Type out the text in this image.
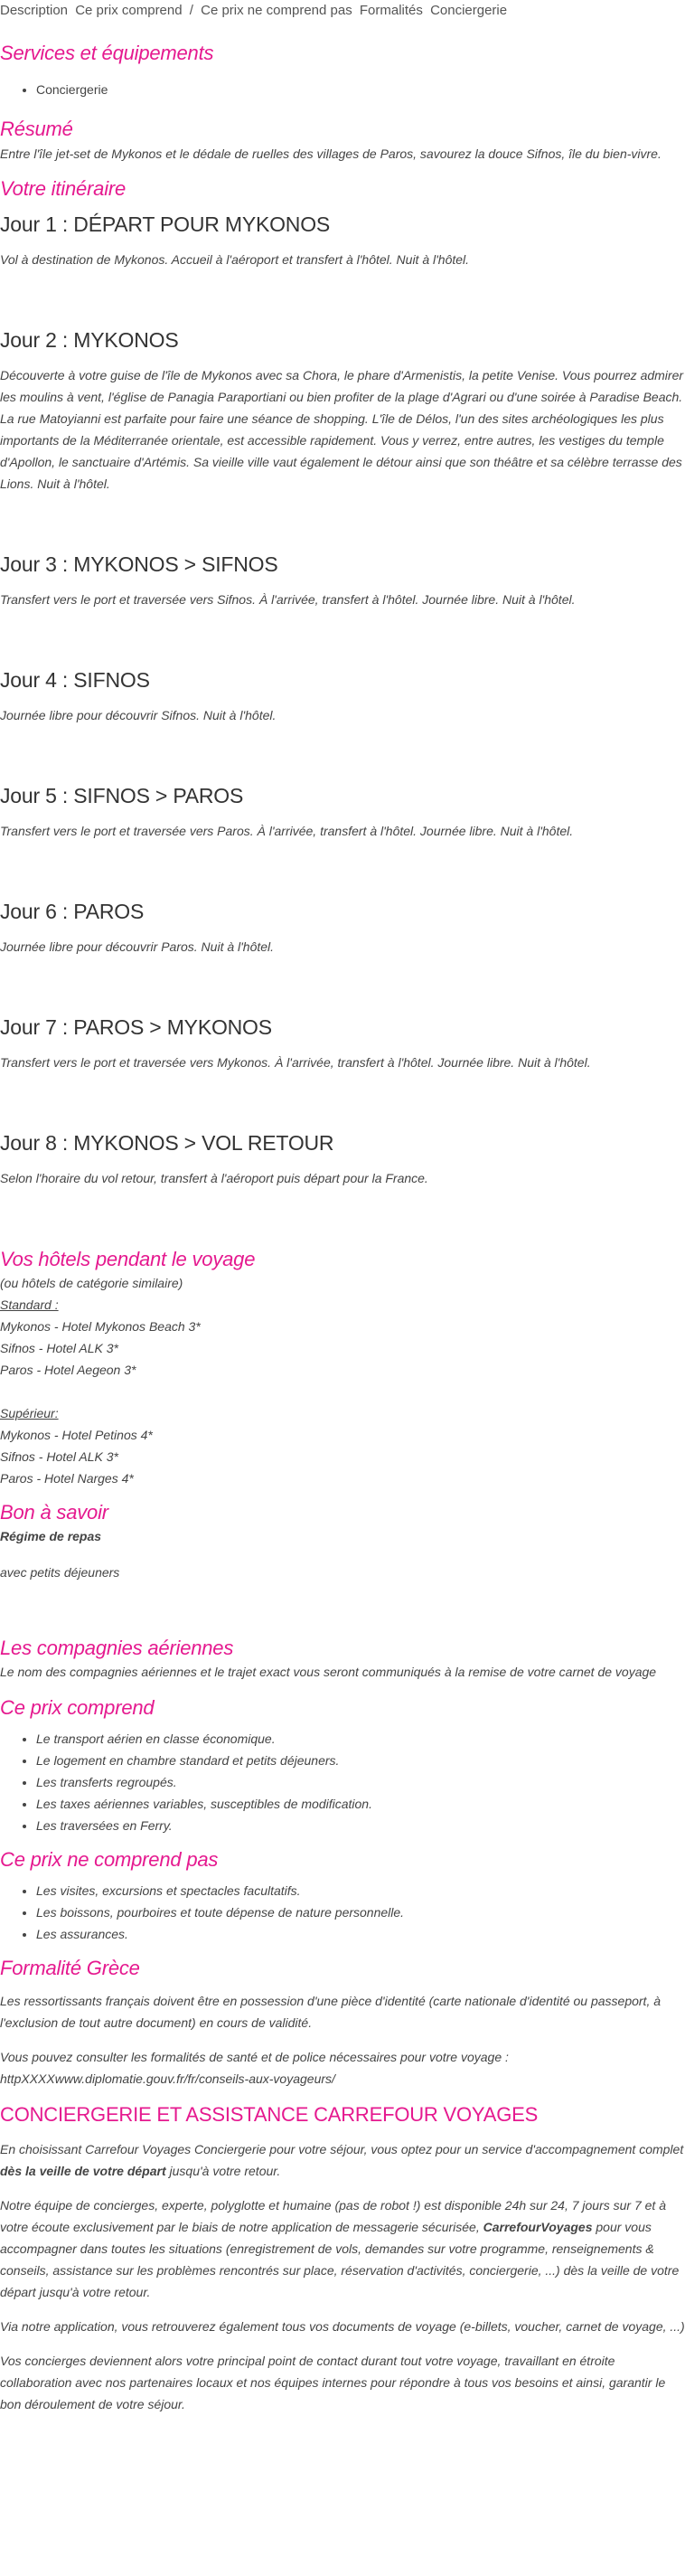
Description Ce prix comprend / Ce prix ne comprend pas Formalités Conciergerie
Services et équipements
• Conciergerie
Résumé

Entre l'île jet-set de Mykonos et le dédale de ruelles des villages de Paros, savourez la douce Sifnos, île du bien-vivre.

Votre itinéraire
Jour 1 : DÉPART POUR MYKONOS

Vol à destination de Mykonos. Accueil à l'aéroport et transfert à l'hôtel. Nuit à l'hôtel.

Jour 2 : MYKONOS

Découverte à votre guise de l'île de Mykonos avec sa Chora, le phare d'Armenistis, la petite Venise. Vous pourrez admirer les moulins à vent, l'église de Panagia Paraportiani ou bien profiter de la plage d'Agrari ou d'une soirée à Paradise Beach. La rue Matoyianni est parfaite pour faire une séance de shopping. L'île de Délos, l'un des sites archéologiques les plus importants de la Méditerranée orientale, est accessible rapidement. Vous y verrez, entre autres, les vestiges du temple d'Apollon, le sanctuaire d'Artémis. Sa vieille ville vaut également le détour ainsi que son théâtre et sa célèbre terrasse des Lions. Nuit à l'hôtel.

Jour 3 : MYKONOS > SIFNOS

Transfert vers le port et traversée vers Sifnos. À l'arrivée, transfert à l'hôtel. Journée libre. Nuit à l'hôtel.

Jour 4 : SIFNOS

Journée libre pour découvrir Sifnos. Nuit à l'hôtel.

Jour 5 : SIFNOS > PAROS

Transfert vers le port et traversée vers Paros. À l'arrivée, transfert à l'hôtel. Journée libre. Nuit à l'hôtel.

Jour 6 : PAROS

Journée libre pour découvrir Paros. Nuit à l'hôtel.

Jour 7 : PAROS > MYKONOS

Transfert vers le port et traversée vers Mykonos. À l'arrivée, transfert à l'hôtel. Journée libre. Nuit à l'hôtel.

Jour 8 : MYKONOS > VOL RETOUR

Selon l'horaire du vol retour, transfert à l'aéroport puis départ pour la France.

Vos hôtels pendant le voyage

(ou hôtels de catégorie similaire)

Standard :

Mykonos - Hotel Mykonos Beach 3*

Sifnos - Hotel ALK 3*

Paros - Hotel Aegeon 3*

Supérieur:

Mykonos - Hotel Petinos 4*

Sifnos - Hotel ALK 3*

Paros - Hotel Narges 4*

Bon à savoir

Régime de repas

avec petits déjeuners

Les compagnies aériennes

Le nom des compagnies aériennes et le trajet exact vous seront communiqués à la remise de votre carnet de voyage

Ce prix comprend
• Le transport aérien en classe économique.
• Le logement en chambre standard et petits déjeuners.
• Les transferts regroupés.
• Les taxes aériennes variables, susceptibles de modification.
• Les traversées en Ferry.
Ce prix ne comprend pas
• Les visites, excursions et spectacles facultatifs.
• Les boissons, pourboires et toute dépense de nature personnelle.
• Les assurances.
Formalité Grèce

Les ressortissants français doivent être en possession d'une pièce d'identité (carte nationale d'identité ou passeport, à l'exclusion de tout autre document) en cours de validité.

Vous pouvez consulter les formalités de santé et de police nécessaires pour votre voyage :

httpXXXXwww.diplomatie.gouv.fr/fr/conseils-aux-voyageurs/

CONCIERGERIE ET ASSISTANCE CARREFOUR VOYAGES

En choisissant Carrefour Voyages Conciergerie pour votre séjour, vous optez pour un service d'accompagnement complet dès la veille de votre départ jusqu'à votre retour.

Notre équipe de concierges, experte, polyglotte et humaine (pas de robot !) est disponible 24h sur 24, 7 jours sur 7 et à votre écoute exclusivement par le biais de notre application de messagerie sécurisée, CarrefourVoyages pour vous accompagner dans toutes les situations (enregistrement de vols, demandes sur votre programme, renseignements & conseils, assistance sur les problèmes rencontrés sur place, réservation d'activités, conciergerie, ...) dès la veille de votre départ jusqu'à votre retour.

Via notre application, vous retrouverez également tous vos documents de voyage (e-billets, voucher, carnet de voyage, ...)

Vos concierges deviennent alors votre principal point de contact durant tout votre voyage, travaillant en étroite collaboration avec nos partenaires locaux et nos équipes internes pour répondre à tous vos besoins et ainsi, garantir le bon déroulement de votre séjour.
